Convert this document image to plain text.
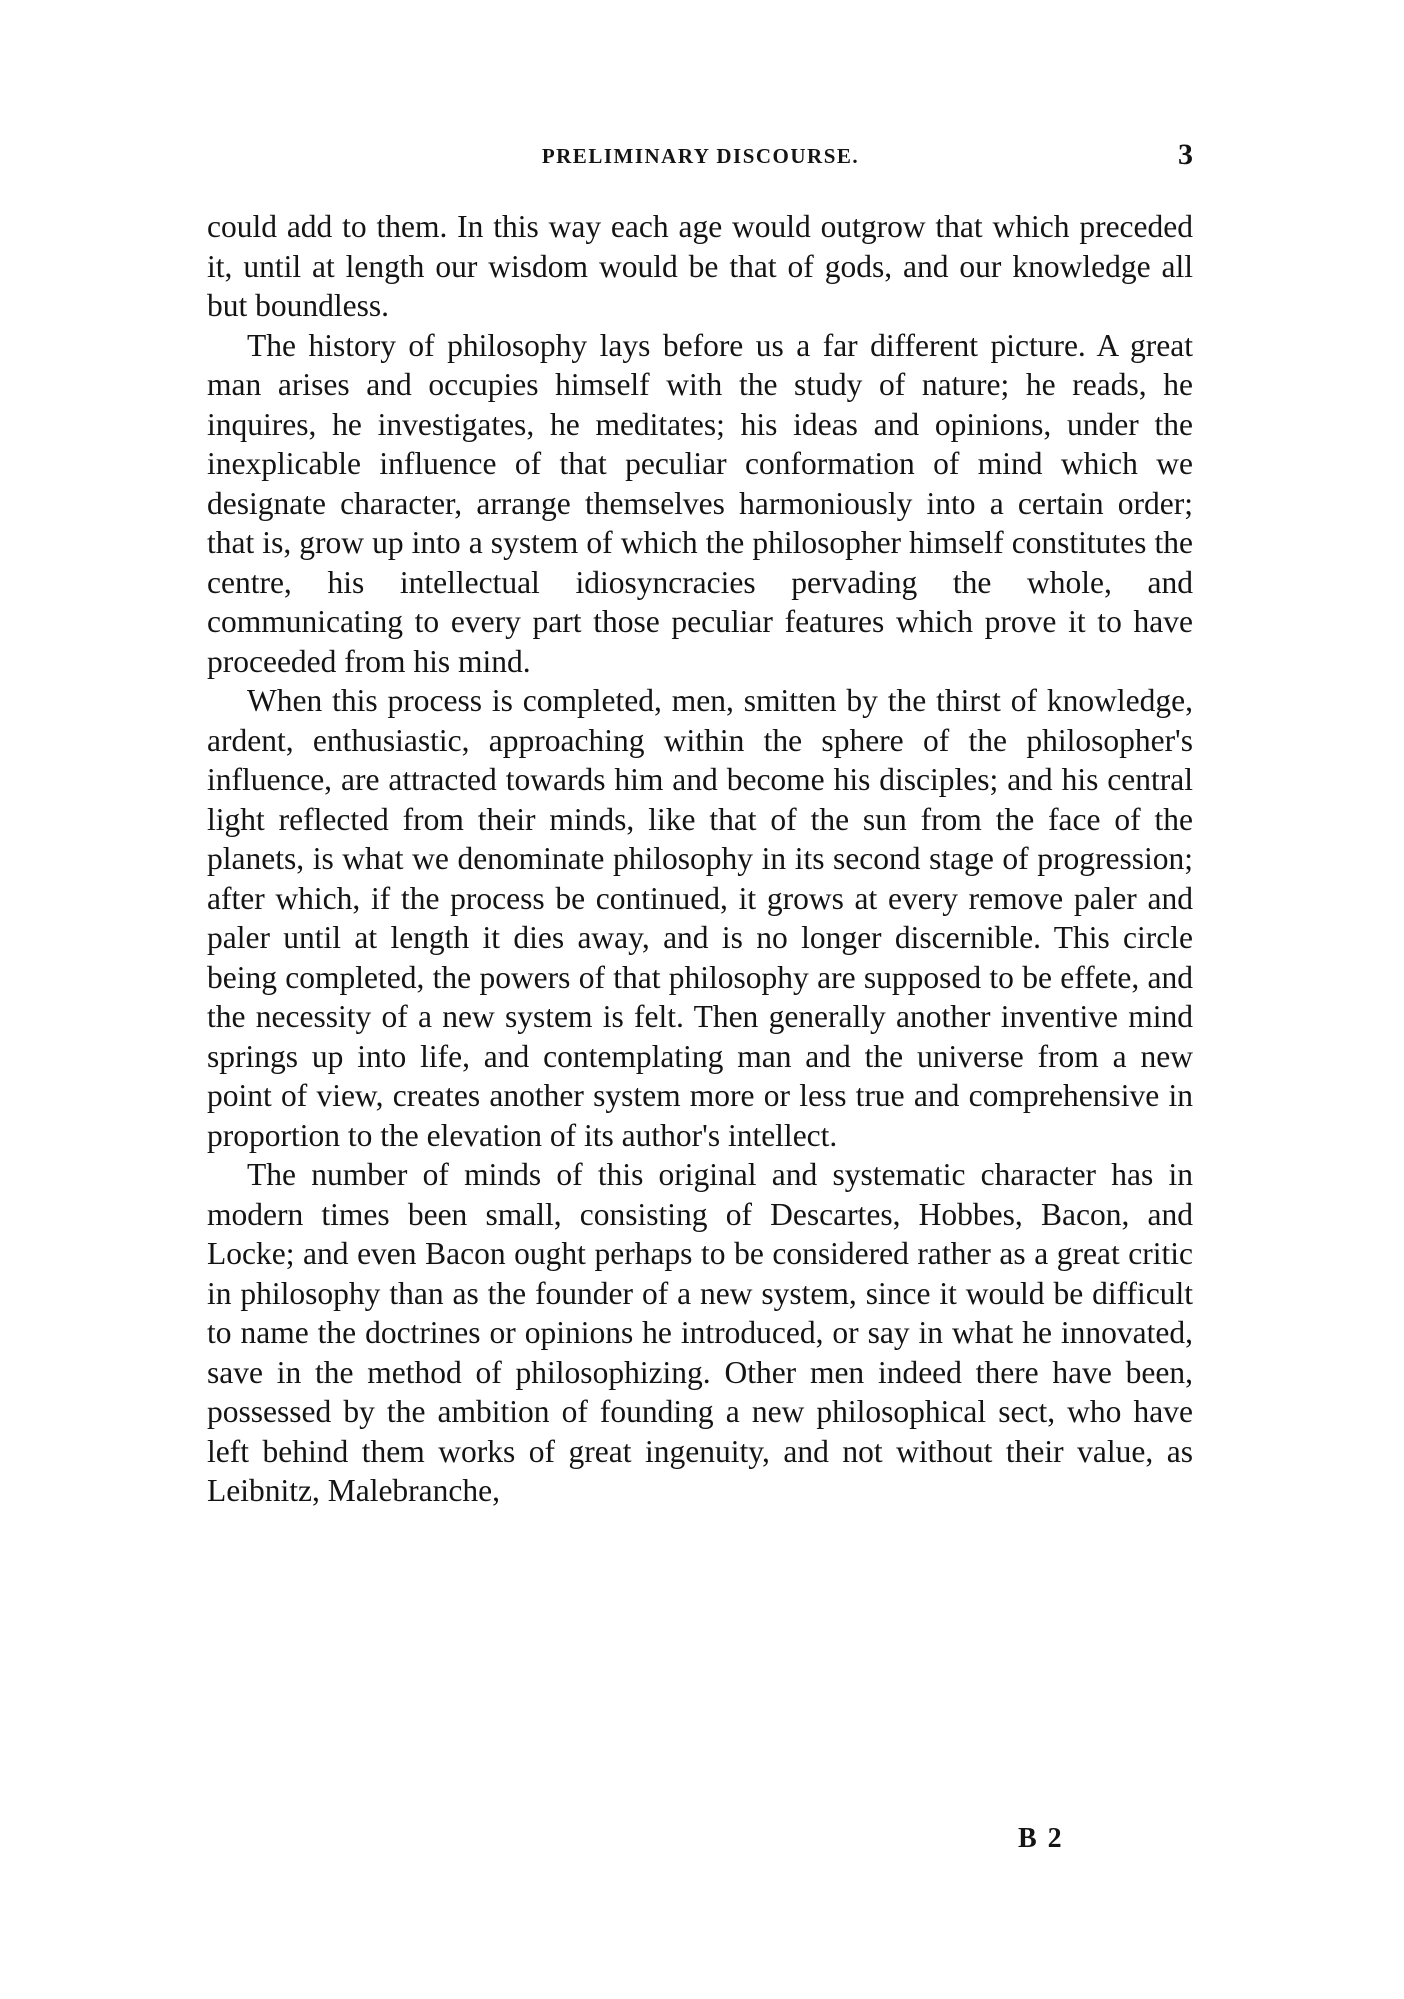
PRELIMINARY DISCOURSE.	3

could add to them. In this way each age would outgrow that which preceded it, until at length our wisdom would be that of gods, and our knowledge all but boundless.

The history of philosophy lays before us a far different picture. A great man arises and occupies himself with the study of nature; he reads, he inquires, he investigates, he meditates; his ideas and opinions, under the inexplicable influence of that peculiar conformation of mind which we designate character, arrange themselves harmoniously into a certain order; that is, grow up into a system of which the philosopher himself constitutes the centre, his intellectual idiosyncracies pervading the whole, and communicating to every part those peculiar features which prove it to have proceeded from his mind.

When this process is completed, men, smitten by the thirst of knowledge, ardent, enthusiastic, approaching within the sphere of the philosopher's influence, are attracted towards him and become his disciples; and his central light reflected from their minds, like that of the sun from the face of the planets, is what we denominate philosophy in its second stage of progression; after which, if the process be continued, it grows at every remove paler and paler until at length it dies away, and is no longer discernible. This circle being completed, the powers of that philosophy are supposed to be effete, and the necessity of a new system is felt. Then generally another inventive mind springs up into life, and contemplating man and the universe from a new point of view, creates another system more or less true and comprehensive in proportion to the elevation of its author's intellect.

The number of minds of this original and systematic character has in modern times been small, consisting of Descartes, Hobbes, Bacon, and Locke; and even Bacon ought perhaps to be considered rather as a great critic in philosophy than as the founder of a new system, since it would be difficult to name the doctrines or opinions he introduced, or say in what he innovated, save in the method of philosophizing. Other men indeed there have been, possessed by the ambition of founding a new philosophical sect, who have left behind them works of great ingenuity, and not without their value, as Leibnitz, Malebranche,

B 2
